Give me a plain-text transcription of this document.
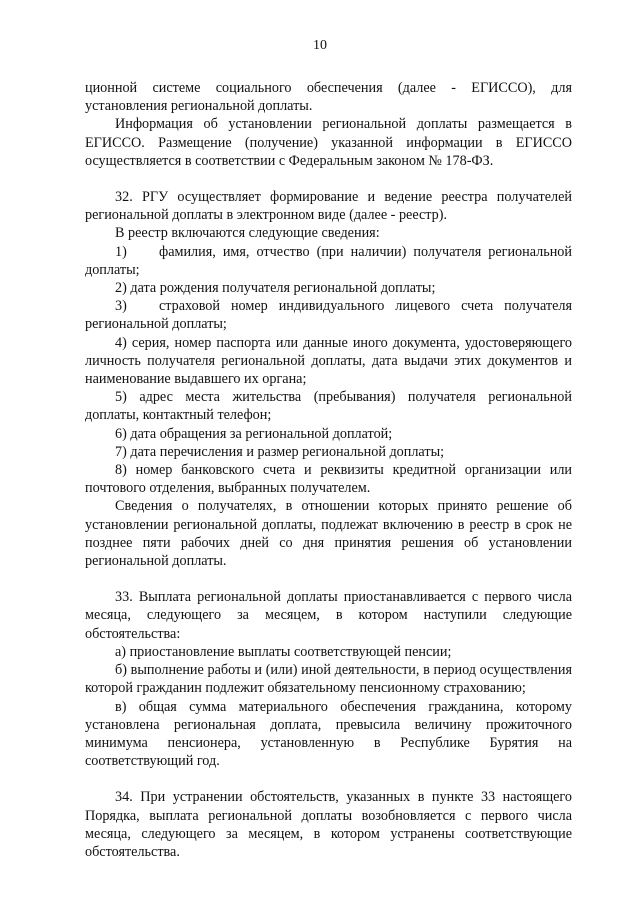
10

ционной системе социального обеспечения (далее - ЕГИССО), для установления региональной доплаты.

Информация об установлении региональной доплаты размещается в ЕГИССО. Размещение (получение) указанной информации в ЕГИССО осуществляется в соответствии с Федеральным законом № 178-ФЗ.

32. РГУ осуществляет формирование и ведение реестра получателей региональной доплаты в электронном виде (далее - реестр).

В реестр включаются следующие сведения:

1) фамилия, имя, отчество (при наличии) получателя региональной доплаты;

2) дата рождения получателя региональной доплаты;

3) страховой номер индивидуального лицевого счета получателя региональной доплаты;

4) серия, номер паспорта или данные иного документа, удостоверяющего личность получателя региональной доплаты, дата выдачи этих документов и наименование выдавшего их органа;

5) адрес места жительства (пребывания) получателя региональной доплаты, контактный телефон;

6) дата обращения за региональной доплатой;

7) дата перечисления и размер региональной доплаты;

8) номер банковского счета и реквизиты кредитной организации или почтового отделения, выбранных получателем.

Сведения о получателях, в отношении которых принято решение об установлении региональной доплаты, подлежат включению в реестр в срок не позднее пяти рабочих дней со дня принятия решения об установлении региональной доплаты.

33. Выплата региональной доплаты приостанавливается с первого числа месяца, следующего за месяцем, в котором наступили следующие обстоятельства:

а) приостановление выплаты соответствующей пенсии;

б) выполнение работы и (или) иной деятельности, в период осуществления которой гражданин подлежит обязательному пенсионному страхованию;

в) общая сумма материального обеспечения гражданина, которому установлена региональная доплата, превысила величину прожиточного минимума пенсионера, установленную в Республике Бурятия на соответствующий год.

34. При устранении обстоятельств, указанных в пункте 33 настоящего Порядка, выплата региональной доплаты возобновляется с первого числа месяца, следующего за месяцем, в котором устранены соответствующие обстоятельства.
